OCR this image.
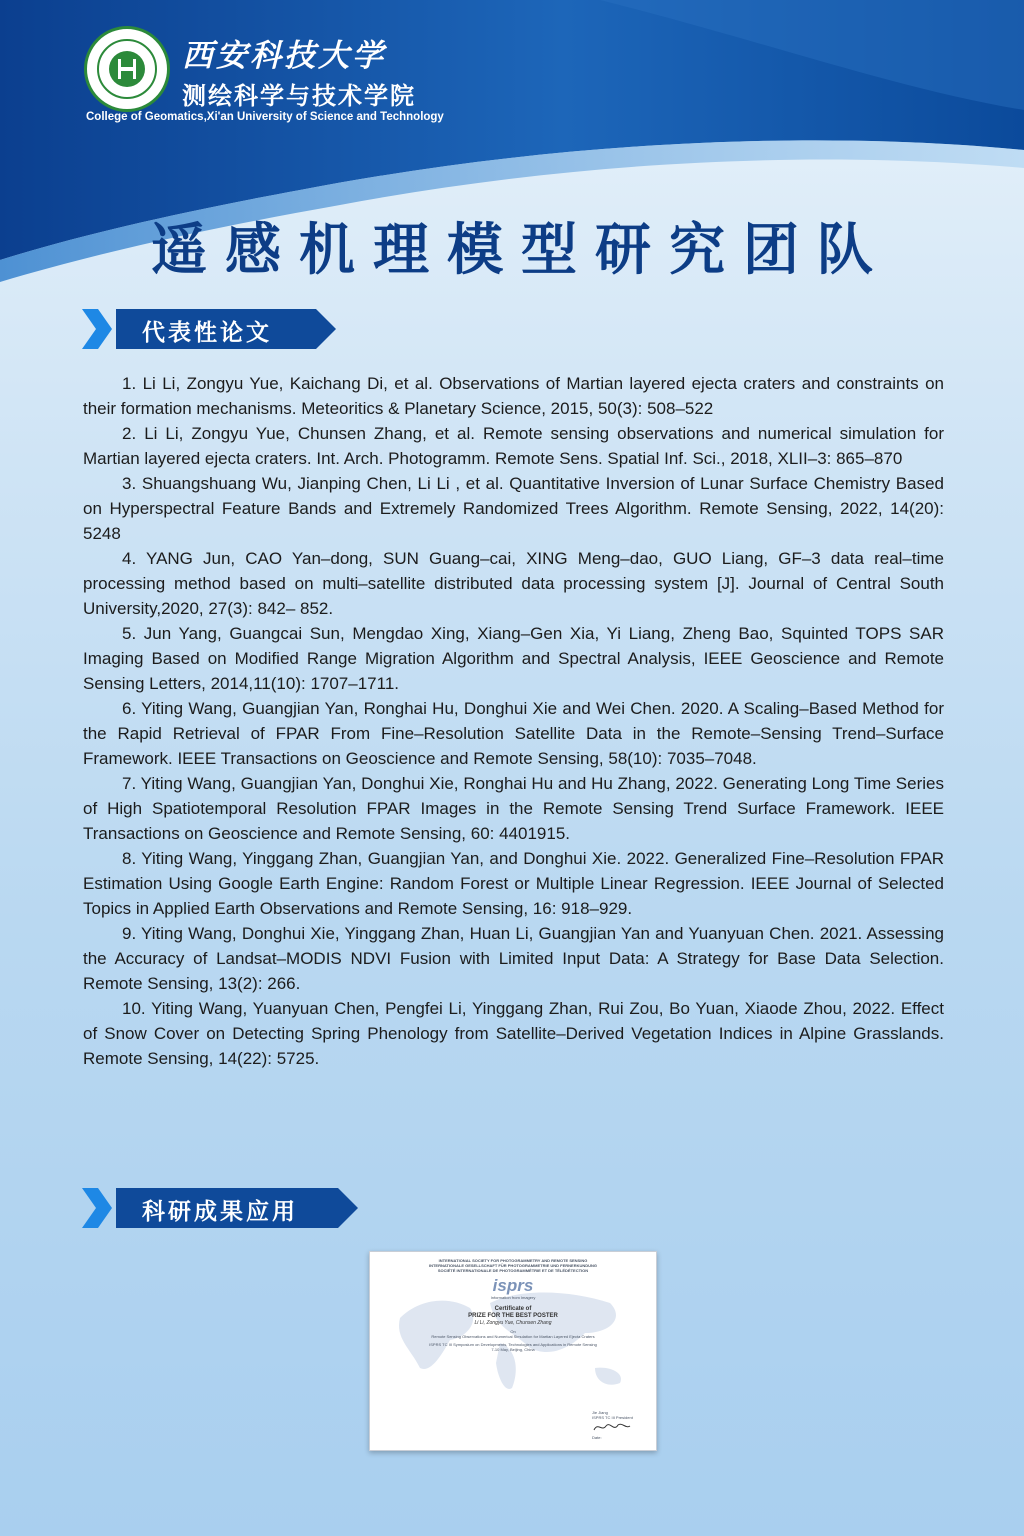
西安科技大学
测绘科学与技术学院
College of Geomatics,Xi'an University of Science and Technology
遥感机理模型研究团队
代表性论文
1. Li Li, Zongyu Yue, Kaichang Di, et al. Observations of Martian layered ejecta craters and constraints on their formation mechanisms. Meteoritics & Planetary Science, 2015, 50(3): 508–522
2. Li Li, Zongyu Yue, Chunsen Zhang, et al. Remote sensing observations and numerical simulation for Martian layered ejecta craters. Int. Arch. Photogramm. Remote Sens. Spatial Inf. Sci., 2018, XLII–3: 865–870
3. Shuangshuang Wu, Jianping Chen, Li Li , et al. Quantitative Inversion of Lunar Surface Chemistry Based on Hyperspectral Feature Bands and Extremely Randomized Trees Algorithm. Remote Sensing, 2022, 14(20): 5248
4. YANG Jun, CAO Yan–dong, SUN Guang–cai, XING Meng–dao, GUO Liang, GF–3 data real–time processing method based on multi–satellite distributed data processing system [J]. Journal of Central South University,2020, 27(3): 842– 852.
5. Jun Yang, Guangcai Sun, Mengdao Xing, Xiang–Gen Xia, Yi Liang, Zheng Bao, Squinted TOPS SAR Imaging Based on Modified Range Migration Algorithm and Spectral Analysis, IEEE Geoscience and Remote Sensing Letters, 2014,11(10): 1707–1711.
6. Yiting Wang, Guangjian Yan, Ronghai Hu, Donghui Xie and Wei Chen. 2020. A Scaling–Based Method for the Rapid Retrieval of FPAR From Fine–Resolution Satellite Data in the Remote–Sensing Trend–Surface Framework. IEEE Transactions on Geoscience and Remote Sensing, 58(10): 7035–7048.
7. Yiting Wang, Guangjian Yan, Donghui Xie, Ronghai Hu and Hu Zhang, 2022. Generating Long Time Series of High Spatiotemporal Resolution FPAR Images in the Remote Sensing Trend Surface Framework. IEEE Transactions on Geoscience and Remote Sensing, 60: 4401915.
8. Yiting Wang, Yinggang Zhan, Guangjian Yan, and Donghui Xie. 2022. Generalized Fine–Resolution FPAR Estimation Using Google Earth Engine: Random Forest or Multiple Linear Regression. IEEE Journal of Selected Topics in Applied Earth Observations and Remote Sensing, 16: 918–929.
9. Yiting Wang, Donghui Xie, Yinggang Zhan, Huan Li, Guangjian Yan and Yuanyuan Chen. 2021. Assessing the Accuracy of Landsat–MODIS NDVI Fusion with Limited Input Data: A Strategy for Base Data Selection. Remote Sensing, 13(2): 266.
10. Yiting Wang, Yuanyuan Chen, Pengfei Li, Yinggang Zhan, Rui Zou, Bo Yuan, Xiaode Zhou, 2022. Effect of Snow Cover on Detecting Spring Phenology from Satellite–Derived Vegetation Indices in Alpine Grasslands. Remote Sensing, 14(22): 5725.
科研成果应用

INTERNATIONAL SOCIETY FOR PHOTOGRAMMETRY AND REMOTE SENSING

INTERNATIONALE GESELLSCHAFT FÜR PHOTOGRAMMETRIE UND FERNERKUNDUNG

SOCIÉTÉ INTERNATIONALE DE PHOTOGRAMMÉTRIE ET DE TÉLÉDÉTECTION

isprs

Information from Imagery

Certificate of
PRIZE FOR THE BEST POSTER
Li Li, Zongyu Yue, Chunsen Zhang

On

Remote Sensing Observations and Numerical Simulation for Martian Layered Ejecta Craters

ISPRS TC III Symposium on Developments, Technologies and Applications in Remote Sensing

7-10 May, Beijing, China

Jie Jiang
ISPRS TC III President
Date:
